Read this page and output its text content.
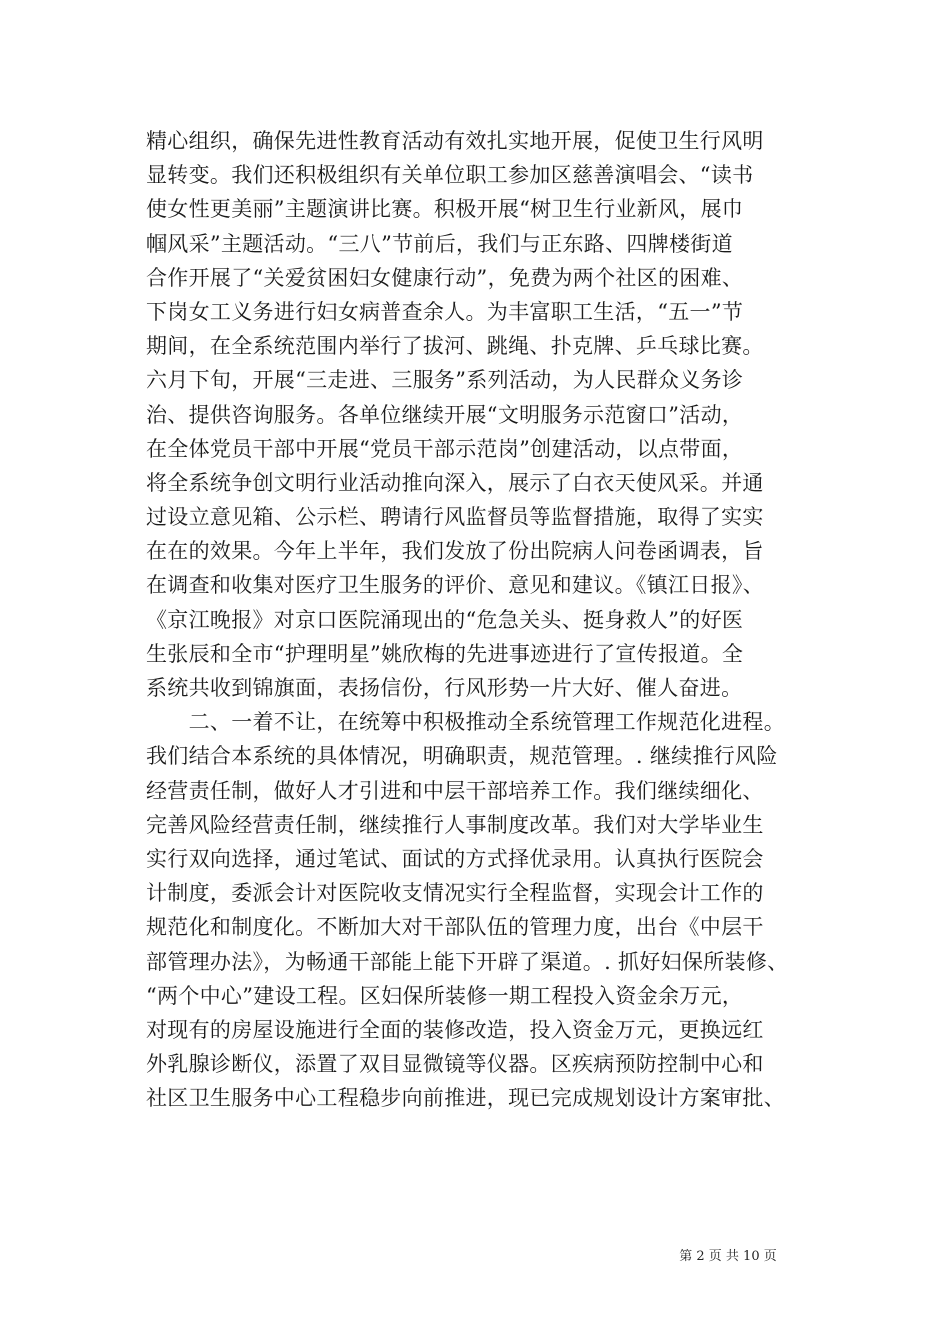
精心组织，确保先进性教育活动有效扎实地开展，促使卫生行风明
显转变。我们还积极组织有关单位职工参加区慈善演唱会、“读书
使女性更美丽”主题演讲比赛。积极开展“树卫生行业新风，展巾
帼风采”主题活动。“三八”节前后，我们与正东路、四牌楼街道
合作开展了“关爱贫困妇女健康行动”，免费为两个社区的困难、
下岗女工义务进行妇女病普查余人。为丰富职工生活，“五一”节
期间，在全系统范围内举行了拔河、跳绳、扑克牌、乒乓球比赛。
六月下旬，开展“三走进、三服务”系列活动，为人民群众义务诊
治、提供咨询服务。各单位继续开展“文明服务示范窗口”活动，
在全体党员干部中开展“党员干部示范岗”创建活动，以点带面，
将全系统争创文明行业活动推向深入，展示了白衣天使风采。并通
过设立意见箱、公示栏、聘请行风监督员等监督措施，取得了实实
在在的效果。今年上半年，我们发放了份出院病人问卷函调表，旨
在调查和收集对医疗卫生服务的评价、意见和建议。《镇江日报》、
《京江晚报》对京口医院涌现出的“危急关头、挺身救人”的好医
生张辰和全市“护理明星”姚欣梅的先进事迹进行了宣传报道。全
系统共收到锦旗面，表扬信份，行风形势一片大好、催人奋进。
　　二、一着不让，在统筹中积极推动全系统管理工作规范化进程。
我们结合本系统的具体情况，明确职责，规范管理。. 继续推行风险
经营责任制，做好人才引进和中层干部培养工作。我们继续细化、
完善风险经营责任制，继续推行人事制度改革。我们对大学毕业生
实行双向选择，通过笔试、面试的方式择优录用。认真执行医院会
计制度，委派会计对医院收支情况实行全程监督，实现会计工作的
规范化和制度化。不断加大对干部队伍的管理力度，出台《中层干
部管理办法》，为畅通干部能上能下开辟了渠道。. 抓好妇保所装修、
“两个中心”建设工程。区妇保所装修一期工程投入资金余万元，
对现有的房屋设施进行全面的装修改造，投入资金万元，更换远红
外乳腺诊断仪，添置了双目显微镜等仪器。区疾病预防控制中心和
社区卫生服务中心工程稳步向前推进，现已完成规划设计方案审批、
第 2 页 共 10 页
